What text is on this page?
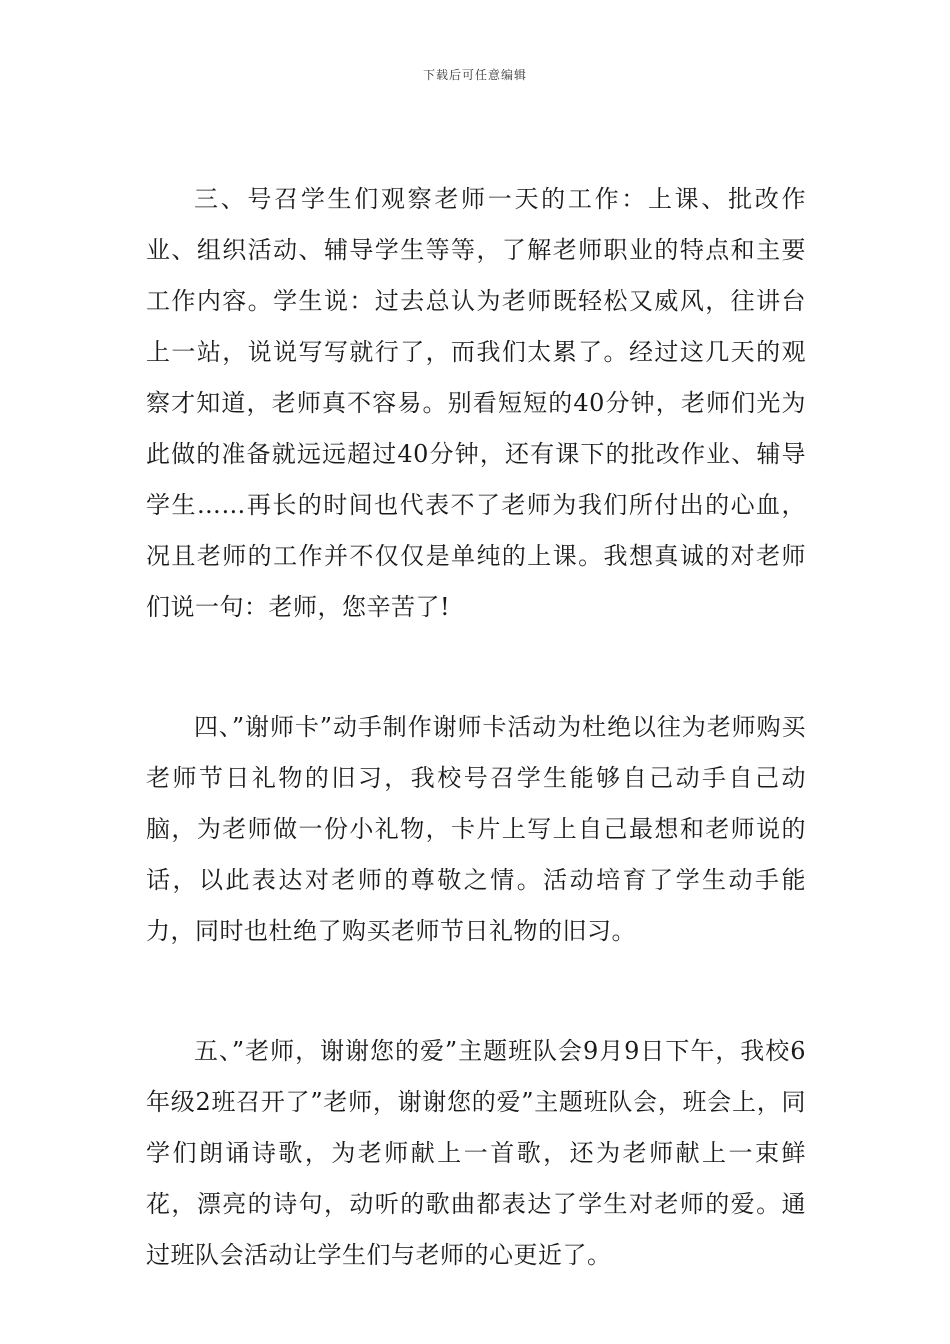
下载后可任意编辑

三、号召学生们观察老师一天的工作：上课、批改作业、组织活动、辅导学生等等，了解老师职业的特点和主要工作内容。学生说：过去总认为老师既轻松又威风，往讲台上一站，说说写写就行了，而我们太累了。经过这几天的观察才知道，老师真不容易。别看短短的40分钟，老师们光为此做的准备就远远超过40分钟，还有课下的批改作业、辅导学生……再长的时间也代表不了老师为我们所付出的心血，况且老师的工作并不仅仅是单纯的上课。我想真诚的对老师们说一句：老师，您辛苦了!

四、”谢师卡”动手制作谢师卡活动为杜绝以往为老师购买老师节日礼物的旧习，我校号召学生能够自己动手自己动脑，为老师做一份小礼物，卡片上写上自己最想和老师说的话，以此表达对老师的尊敬之情。活动培育了学生动手能力，同时也杜绝了购买老师节日礼物的旧习。

五、”老师，谢谢您的爱”主题班队会9月9日下午，我校6年级2班召开了”老师，谢谢您的爱”主题班队会，班会上，同学们朗诵诗歌，为老师献上一首歌，还为老师献上一束鲜花，漂亮的诗句，动听的歌曲都表达了学生对老师的爱。通过班队会活动让学生们与老师的心更近了。
